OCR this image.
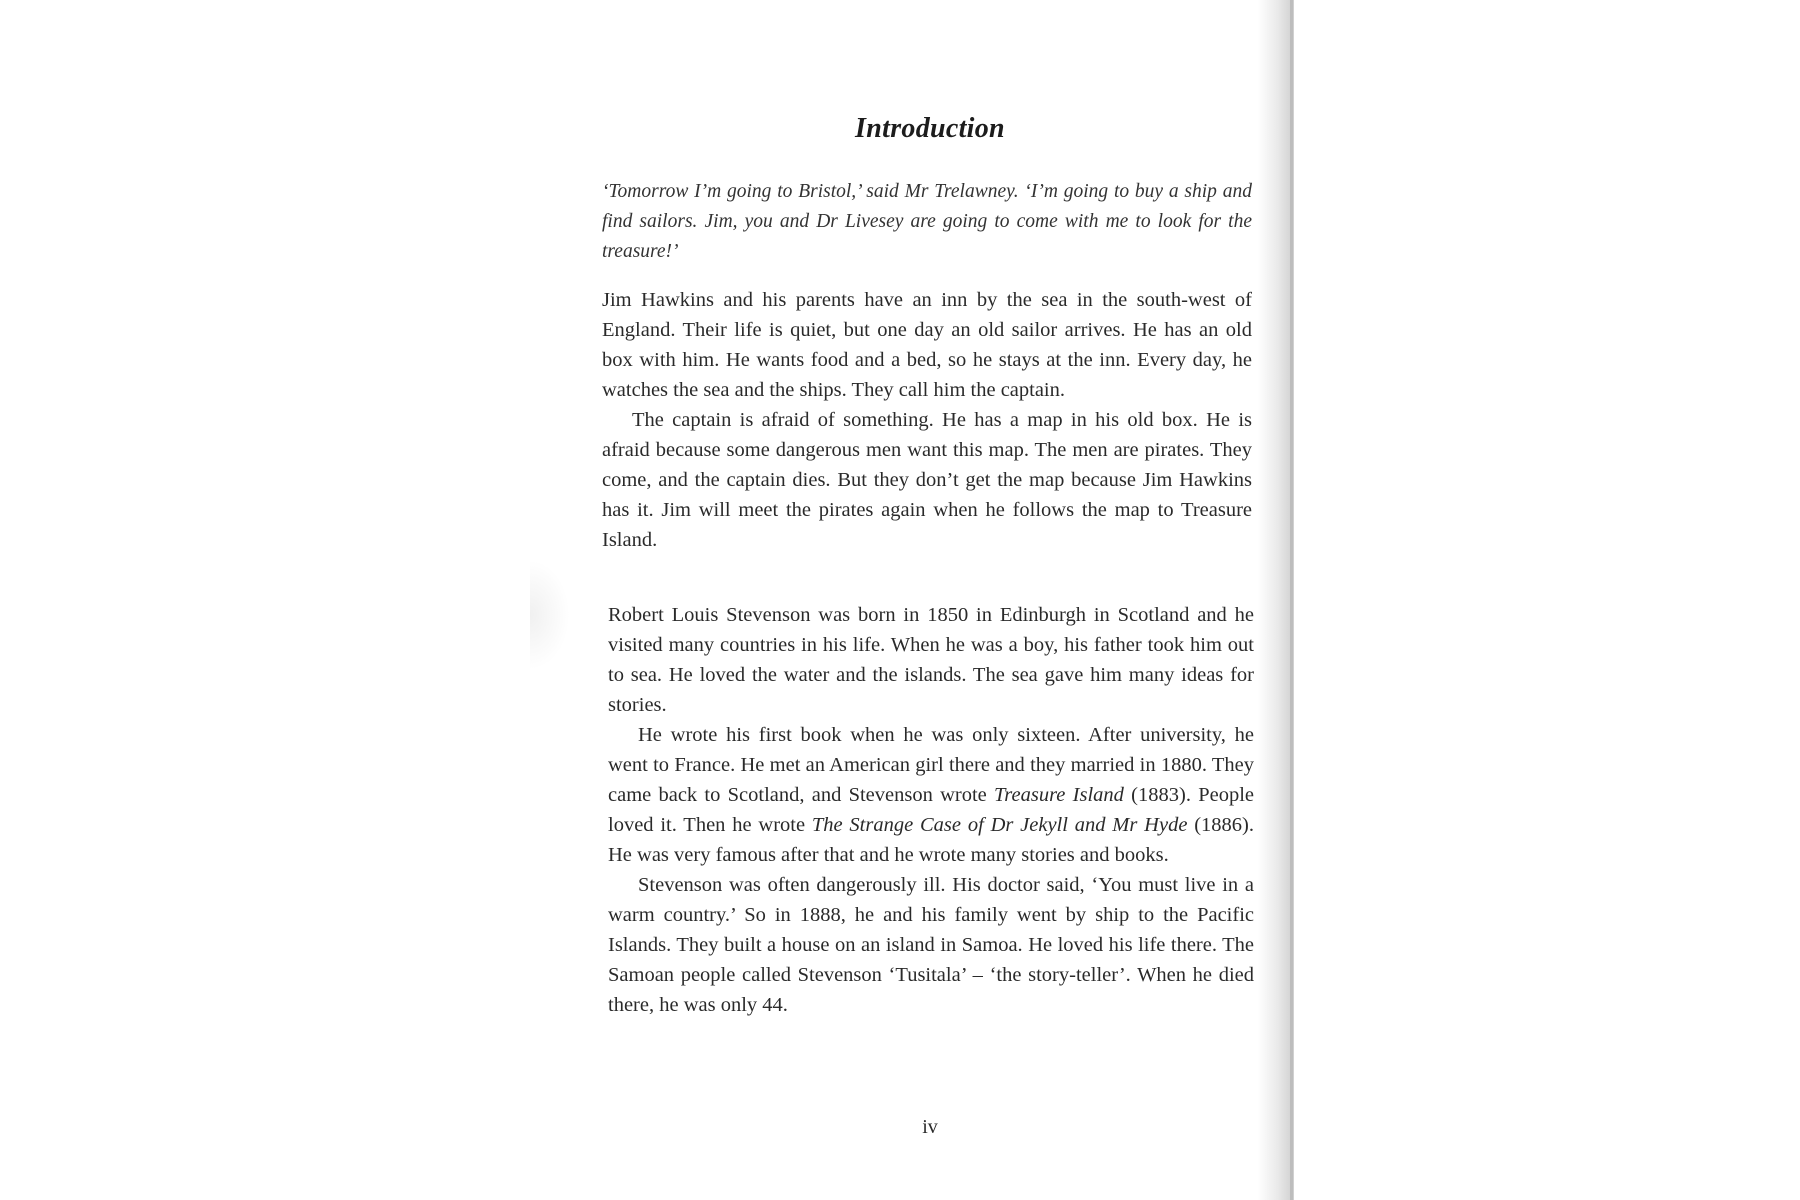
Introduction

‘Tomorrow I’m going to Bristol,’ said Mr Trelawney. ‘I’m going to buy a ship and find sailors. Jim, you and Dr Livesey are going to come with me to look for the treasure!’

Jim Hawkins and his parents have an inn by the sea in the south-west of England. Their life is quiet, but one day an old sailor arrives. He has an old box with him. He wants food and a bed, so he stays at the inn. Every day, he watches the sea and the ships. They call him the captain.

The captain is afraid of something. He has a map in his old box. He is afraid because some dangerous men want this map. The men are pirates. They come, and the captain dies. But they don’t get the map because Jim Hawkins has it. Jim will meet the pirates again when he follows the map to Treasure Island.

Robert Louis Stevenson was born in 1850 in Edinburgh in Scotland and he visited many countries in his life. When he was a boy, his father took him out to sea. He loved the water and the islands. The sea gave him many ideas for stories.

He wrote his first book when he was only sixteen. After university, he went to France. He met an American girl there and they married in 1880. They came back to Scotland, and Stevenson wrote Treasure Island (1883). People loved it. Then he wrote The Strange Case of Dr Jekyll and Mr Hyde (1886). He was very famous after that and he wrote many stories and books.

Stevenson was often dangerously ill. His doctor said, ‘You must live in a warm country.’ So in 1888, he and his family went by ship to the Pacific Islands. They built a house on an island in Samoa. He loved his life there. The Samoan people called Stevenson ‘Tusitala’ – ‘the story-teller’. When he died there, he was only 44.

iv
